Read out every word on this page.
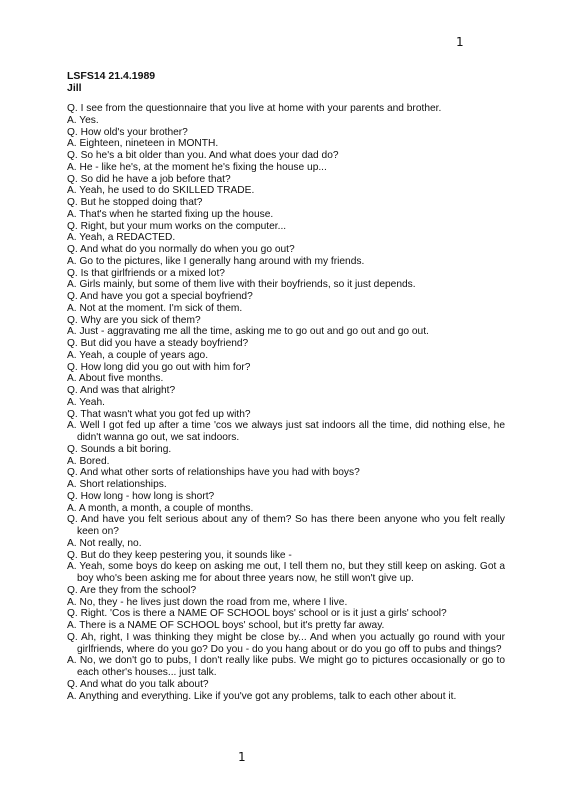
1
LSFS14 21.4.1989
Jill

Q. I see from the questionnaire that you live at home with your parents and brother.

A. Yes.

Q. How old's your brother?

A. Eighteen, nineteen in MONTH.

Q. So he's a bit older than you. And what does your dad do?

A. He - like he's, at the moment he's fixing the house up...

Q. So did he have a job before that?

A. Yeah, he used to do SKILLED TRADE.

Q. But he stopped doing that?

A. That's when he started fixing up the house.

Q. Right, but your mum works on the computer...

A. Yeah, a REDACTED.

Q. And what do you normally do when you go out?

A. Go to the pictures, like I generally hang around with my friends.

Q. Is that girlfriends or a mixed lot?

A. Girls mainly, but some of them live with their boyfriends, so it just depends.

Q. And have you got a special boyfriend?

A. Not at the moment. I'm sick of them.

Q. Why are you sick of them?

A. Just - aggravating me all the time, asking me to go out and go out and go out.

Q. But did you have a steady boyfriend?

A. Yeah, a couple of years ago.

Q. How long did you go out with him for?

A. About five months.

Q. And was that alright?

A. Yeah.

Q. That wasn't what you got fed up with?

A. Well I got fed up after a time 'cos we always just sat indoors all the time, did nothing else, he didn't wanna go out, we sat indoors.

Q. Sounds a bit boring.

A. Bored.

Q. And what other sorts of relationships have you had with boys?

A. Short relationships.

Q. How long - how long is short?

A. A month, a month, a couple of months.

Q. And have you felt serious about any of them? So has there been anyone who you felt really keen on?

A. Not really, no.

Q. But do they keep pestering you, it sounds like -

A. Yeah, some boys do keep on asking me out, I tell them no, but they still keep on asking. Got a boy who's been asking me for about three years now, he still won't give up.

Q. Are they from the school?

A. No, they - he lives just down the road from me, where I live.

Q. Right. 'Cos is there a NAME OF SCHOOL boys' school or is it just a girls' school?

A. There is a NAME OF SCHOOL boys' school, but it's pretty far away.

Q. Ah, right, I was thinking they might be close by... And when you actually go round with your girlfriends, where do you go? Do you - do you hang about or do you go off to pubs and things?

A. No, we don't go to pubs, I don't really like pubs. We might go to pictures occasionally or go to each other's houses... just talk.

Q. And what do you talk about?

A. Anything and everything. Like if you've got any problems, talk to each other about it.

1
